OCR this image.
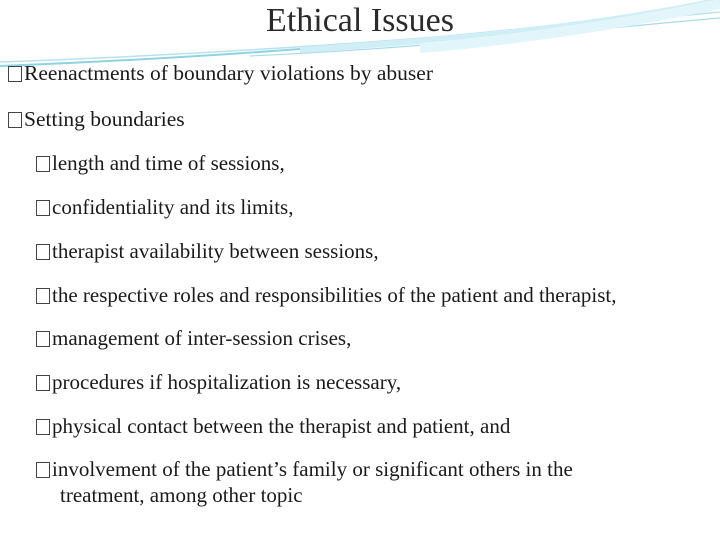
Ethical Issues
?Reenactments of boundary violations by abuser
?Setting boundaries
?length and time of sessions,
?confidentiality and its limits,
?therapist availability between sessions,
?the respective roles and responsibilities of the patient and therapist,
?management of inter-session crises,
?procedures if hospitalization is necessary,
?physical contact between the therapist and patient, and
?involvement of the patient’s family or significant others in the
treatment, among other topic
